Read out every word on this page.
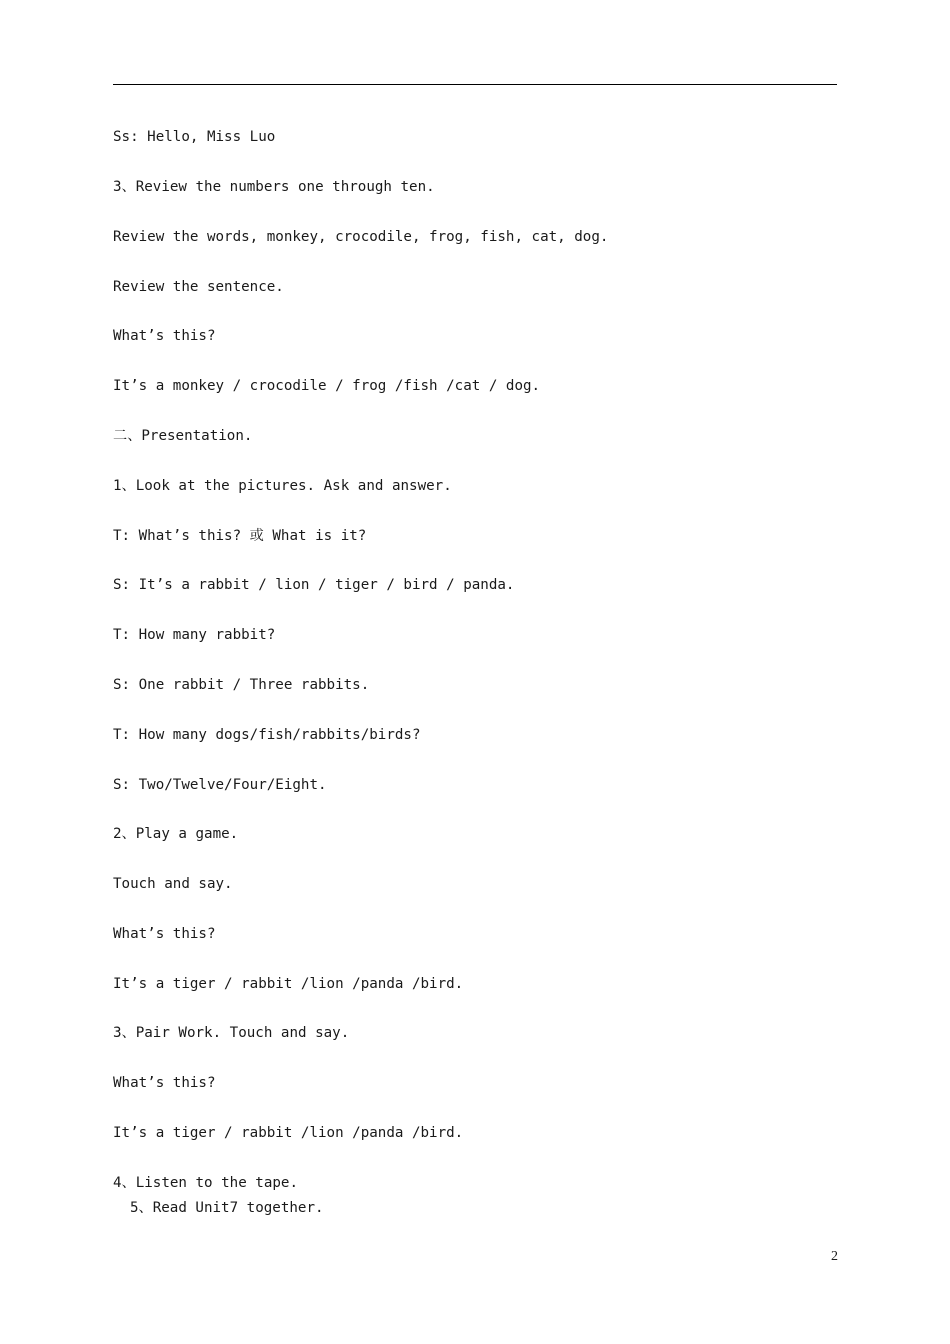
Ss: Hello, Miss Luo
3、Review the numbers one through ten.
Review the words, monkey, crocodile, frog, fish, cat, dog.
Review the sentence.
What’s this?
It’s a monkey / crocodile / frog /fish /cat / dog.
二、Presentation.
1、Look at the pictures. Ask and answer.
T: What’s this? 或 What is it?
S: It’s a rabbit / lion / tiger / bird / panda.
T: How many rabbit?
S: One rabbit / Three rabbits.
T: How many dogs/fish/rabbits/birds?
S: Two/Twelve/Four/Eight.
2、Play a game.
Touch and say.
What’s this?
It’s a tiger / rabbit /lion /panda /bird.
3、Pair Work. Touch and say.
What’s this?
It’s a tiger / rabbit /lion /panda /bird.
4、Listen to the tape.
5、Read Unit7 together.
2
